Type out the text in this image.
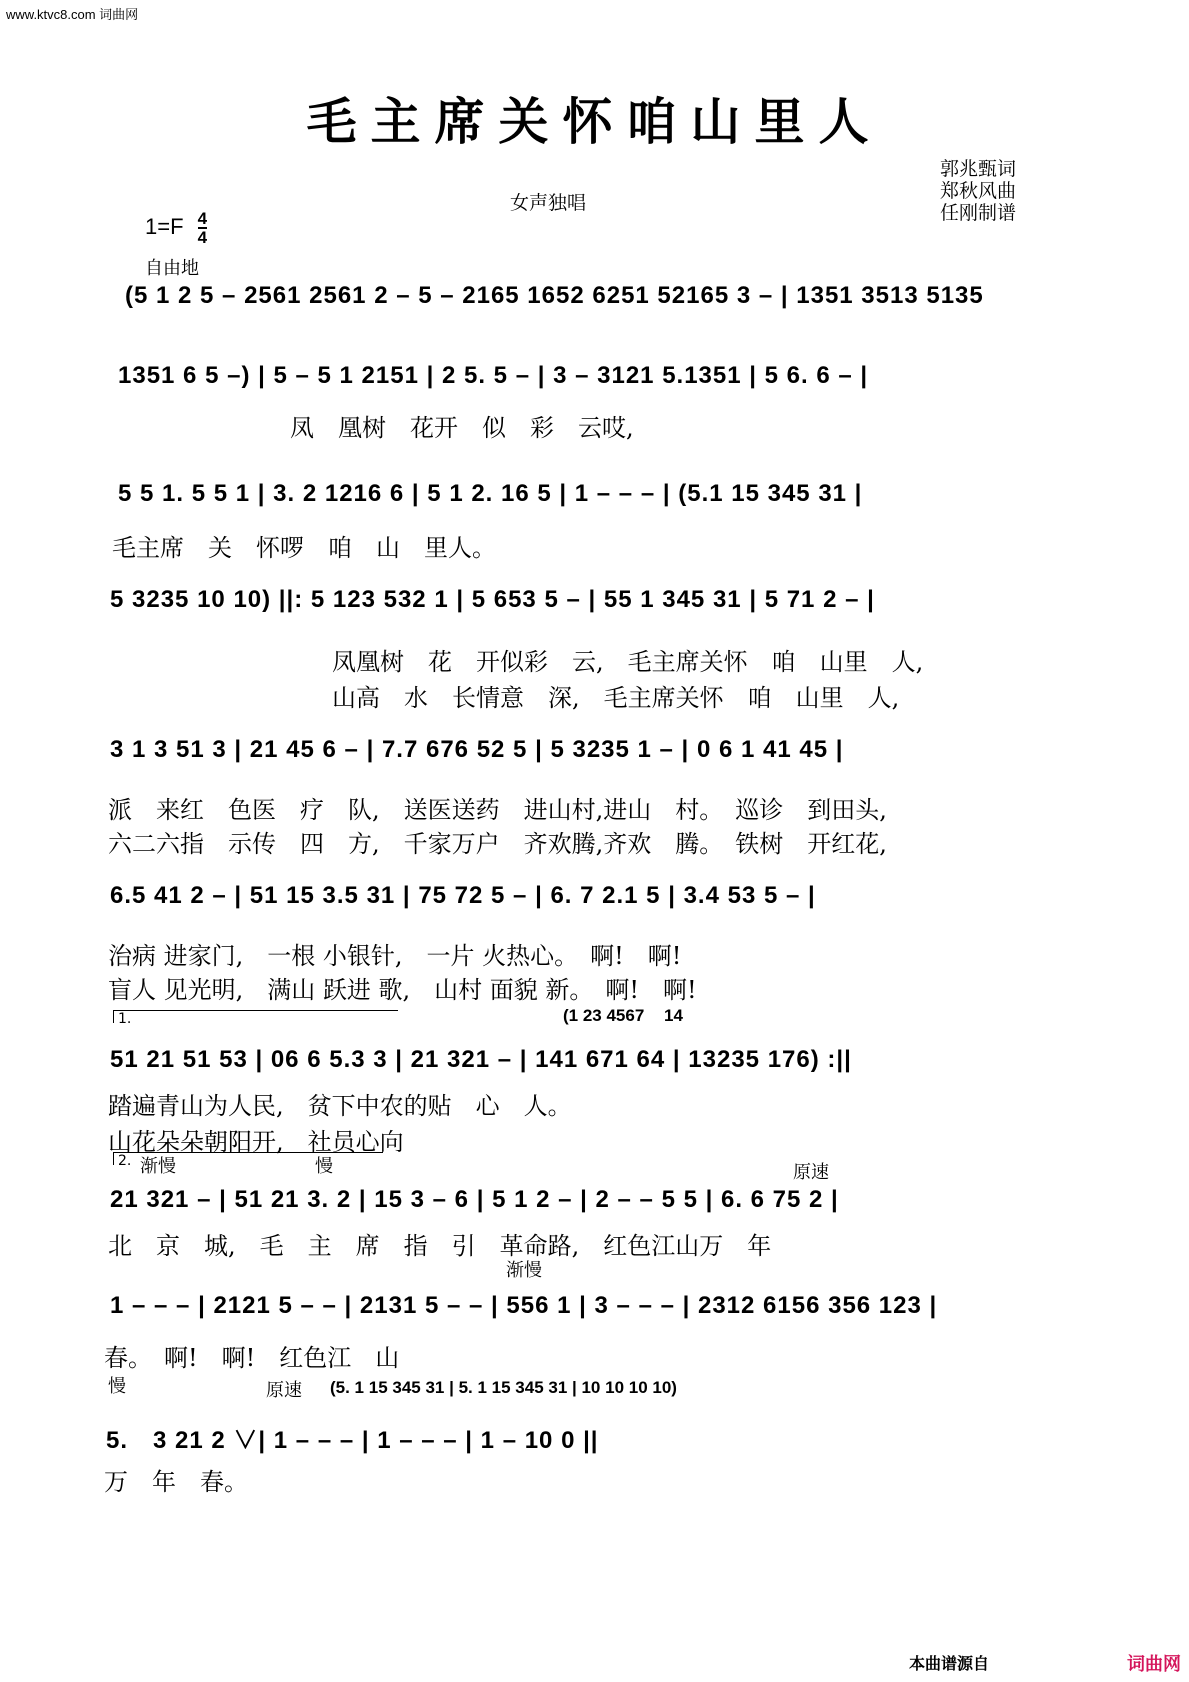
www.ktvc8.com 词曲网
毛主席关怀咱山里人
女声独唱
郭兆甄词
郑秋风曲
任刚制谱
$1=F \frac{4}{4}$
自由地
(5 1 2 5 – 2561 2561 2 – 5 – 2165 1652 6251 52165 3 – | 1351 3513 5135
1351 6 5 –) | 5 – 5 1 2151 | 2 5. 5 – | 3 – 3121 5.1351 | 5 6. 6 – |
凤　凰树　花开　似　彩　云哎,
5 5 1. 5 5 1 | 3. 2 1216 6 | 5 1 2. 16 5 | 1 – – – | (5.1 15 345 31 |
毛主席　关　怀啰　咱　山　里人。
5 3235 10 10) ||: 5 123 532 1 | 5 653 5 – | 55 1 345 31 | 5 71 2 – |
凤凰树　花　开似彩　云,　毛主席关怀　咱　山里　人,
山高　水　长情意　深,　毛主席关怀　咱　山里　人,
3 1 3 51 3 | 21 45 6 – | 7.7 676 52 5 | 5 3235 1 – | 0 6 1 41 45 |
派　来红　色医　疗　队,　送医送药　进山村,进山　村。　巡诊　到田头,
六二六指　示传　四　方,　千家万户　齐欢腾,齐欢　腾。　铁树　开红花,
6.5 41 2 – | 51 15 3.5 31 | 75 72 5 – | 6. 7 2.1 5 | 3.4 53 5 – |
治病 进家门,　一根 小银针,　一片 火热心。　啊!　啊!
盲人 见光明,　满山 跃进 歌,　山村 面貌 新。　啊!　啊!
1.	(1 23 4567 14
51 21 51 53 | 06 6 5.3 3 | 21 321 – | 141 671 64 | 13235 176) :||
踏遍青山为人民,　贫下中农的贴　心　人。
山花朵朵朝阳开,　社员心向
2. 渐慢	慢	原速
21 321 – | 51 21 3. 2 | 15 3 – 6 | 5 1 2 – | 2 – – 5 5 | 6. 6 75 2 |
北　京　城,　毛　主　席　指　引　革命路,　红色江山万　年
渐慢
1 – – – | 2121 5 – – | 2131 5 – – | 556 1 | 3 – – – | 2312 6156 356 123 |
春。　啊!　啊!　红色江　山
慢	原速 (5. 1 15 345 31 | 5. 1 15 345 31 | 10 10 10 10)
5.　3 21 2 ∨| 1 – – – | 1 – – – | 1 – 10 0 ||
万　年　春。
本曲谱源自	词曲网
